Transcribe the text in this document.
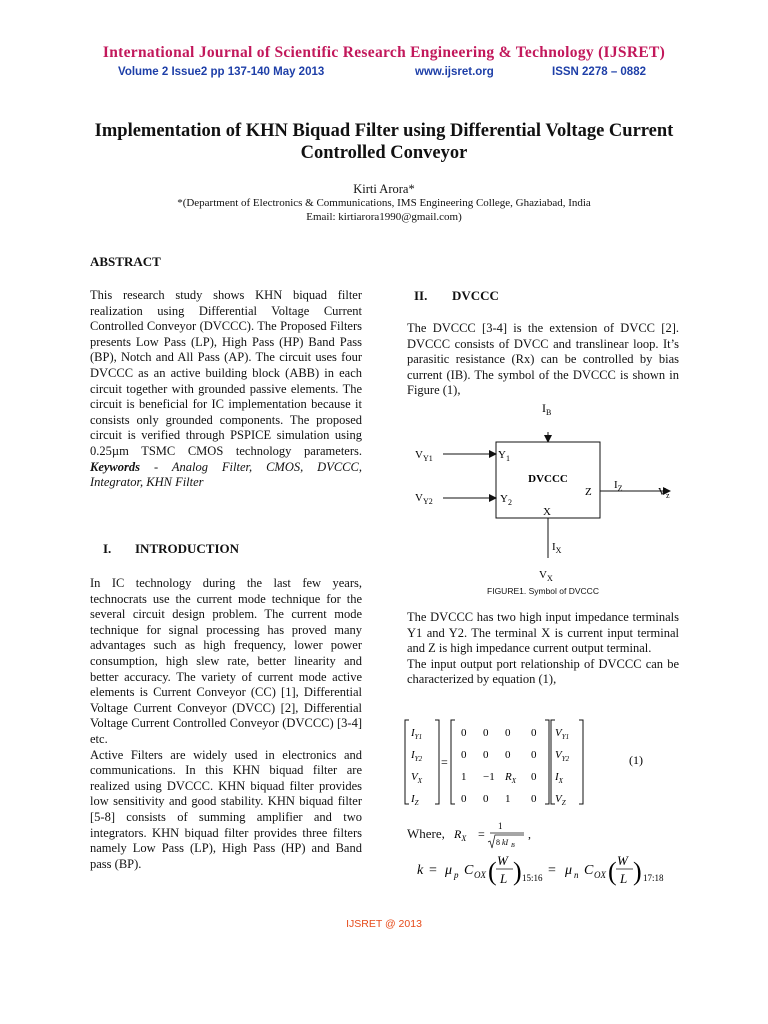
International Journal of Scientific Research Engineering & Technology (IJSRET)
Volume 2 Issue2 pp 137-140 May 2013	www.ijsret.org	ISSN 2278 – 0882
Implementation of KHN Biquad Filter using Differential Voltage Current Controlled Conveyor
Kirti Arora*
*(Department of Electronics & Communications, IMS Engineering College, Ghaziabad, India
Email: kirtiarora1990@gmail.com)
ABSTRACT
This research study shows KHN biquad filter realization using Differential Voltage Current Controlled Conveyor (DVCCC). The Proposed Filters presents Low Pass (LP), High Pass (HP) Band Pass (BP), Notch and All Pass (AP). The circuit uses four DVCCC as an active building block (ABB) in each circuit together with grounded passive elements. The circuit is beneficial for IC implementation because it consists only grounded components. The proposed circuit is verified through PSPICE simulation using 0.25µm TSMC CMOS technology parameters. Keywords - Analog Filter, CMOS, DVCCC, Integrator, KHN Filter
I. INTRODUCTION
In IC technology during the last few years, technocrats use the current mode technique for the several circuit design problem. The current mode technique for signal processing has proved many advantages such as high frequency, lower power consumption, high slew rate, better linearity and better accuracy. The variety of current mode active elements is Current Conveyor (CC) [1], Differential Voltage Current Conveyor (DVCC) [2], Differential Voltage Current Controlled Conveyor (DVCCC) [3-4] etc.
Active Filters are widely used in electronics and communications. In this KHN biquad filter are realized using DVCCC. KHN biquad filter provides low sensitivity and good stability. KHN biquad filter [5-8] consists of summing amplifier and two integrators. KHN biquad filter provides three filters namely Low Pass (LP), High Pass (HP) and Band pass (BP).
II. DVCCC
The DVCCC [3-4] is the extension of DVCC [2]. DVCCC consists of DVCC and translinear loop. It’s parasitic resistance (Rx) can be controlled by bias current (IB). The symbol of the DVCCC is shown in Figure (1),
$I_B$
DVCCC
$V_{Y1}$	$Y_1$
$V_{Y2}$	$Y_2$
Z
$I_Z$	$V_z$
X
$I_X$
$V_X$
FIGURE1. Symbol of DVCCC
The DVCCC has two high input impedance terminals Y1 and Y2. The terminal X is current input terminal and Z is high impedance current output terminal.
The input output port relationship of DVCCC can be characterized by equation (1),
$I_{Y1}$
$I_{Y2}$
$V_X$
$I_Z$
=
0 0 0 0
0 0 0 0
1 −1 $R_X$ 0
0 0 1 0
$V_{Y1}$
$V_{Y2}$
$I_X$
$V_Z$
(1)
Where, $R_X$ =
1
8 kI B
,
k = μ p C OX ( W
L ) 15:16 = μ n C OX ( W
L ) 17:18
IJSRET @ 2013
